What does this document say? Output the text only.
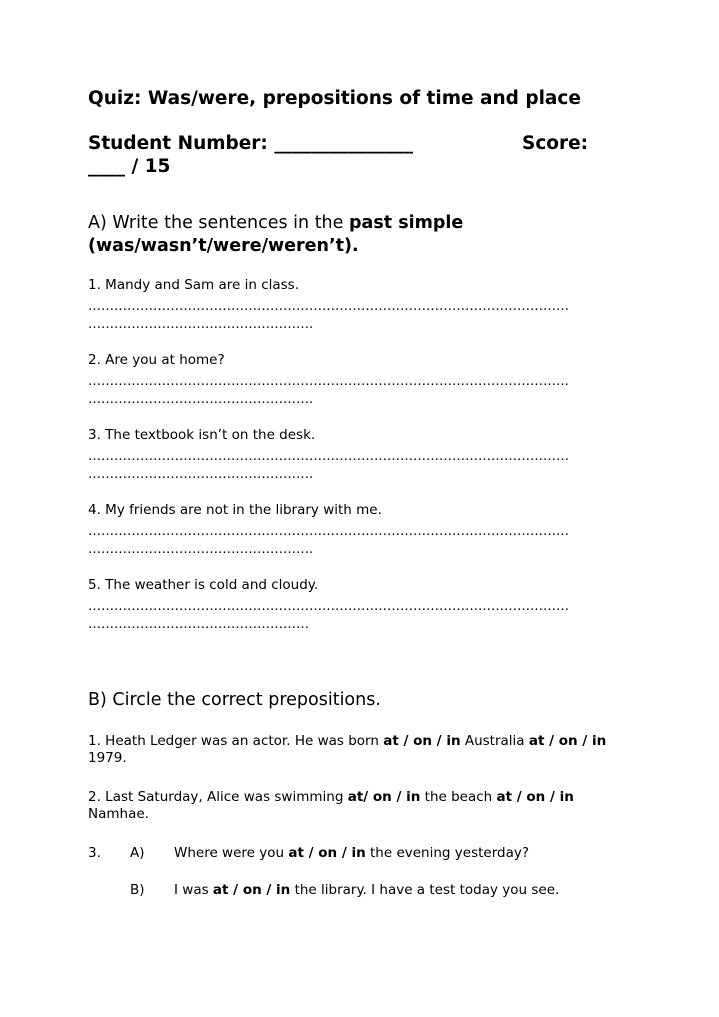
Quiz: Was/were, prepositions of time and place
Student Number: _______________	Score:

____ / 15
A) Write the sentences in the past simple
(was/wasn’t/were/weren’t).
1. Mandy and Sam are in class.
…………………………………………………………………………………………………
…………………………………………….
2. Are you at home?
…………………………………………………………………………………………………
…………………………………………….
3. The textbook isn’t on the desk.
…………………………………………………………………………………………………
…………………………………………….
4. My friends are not in the library with me.
…………………………………………………………………………………………………
…………………………………………….
5. The weather is cold and cloudy.
…………………………………………………………………………………………………
……………………………………………
B) Circle the correct prepositions.
1. Heath Ledger was an actor. He was born at / on / in Australia at / on / in 1979.
2. Last Saturday, Alice was swimming at/ on / in the beach at / on / in Namhae.
3. A) Where were you at / on / in the evening yesterday?
B) I was at / on / in the library. I have a test today you see.
